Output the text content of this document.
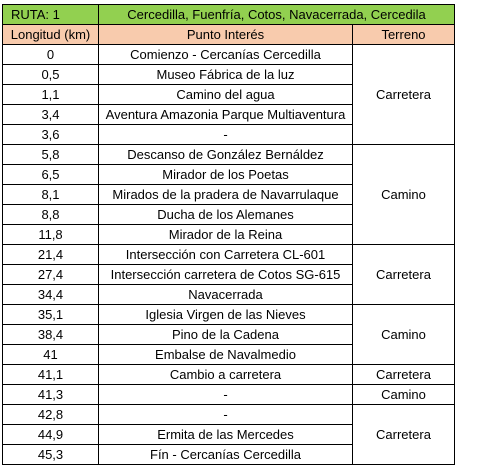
RUTA: 1	Cercedilla, Fuenfría, Cotos, Navacerrada, Cercedila	
Longitud (km)	Punto Interés	Terreno
0	Comienzo - Cercanías Cercedilla	Carretera
0,5	Museo Fábrica de la luz	
1,1	Camino del agua	
3,4	Aventura Amazonia Parque Multiaventura	
3,6	-	
5,8	Descanso de González Bernáldez	Camino
6,5	Mirador de los Poetas	
8,1	Mirados de la pradera de Navarrulaque	
8,8	Ducha de los Alemanes	
11,8	Mirador de la Reina	
21,4	Intersección con Carretera CL-601	Carretera
27,4	Intersección carretera de Cotos SG-615	
34,4	Navacerrada	
35,1	Iglesia Virgen de las Nieves	Camino
38,4	Pino de la Cadena	
41	Embalse de Navalmedio	
41,1	Cambio a carretera	Carretera
41,3	-	Camino
42,8	-	Carretera
44,9	Ermita de las Mercedes	
45,3	Fín - Cercanías Cercedilla	
